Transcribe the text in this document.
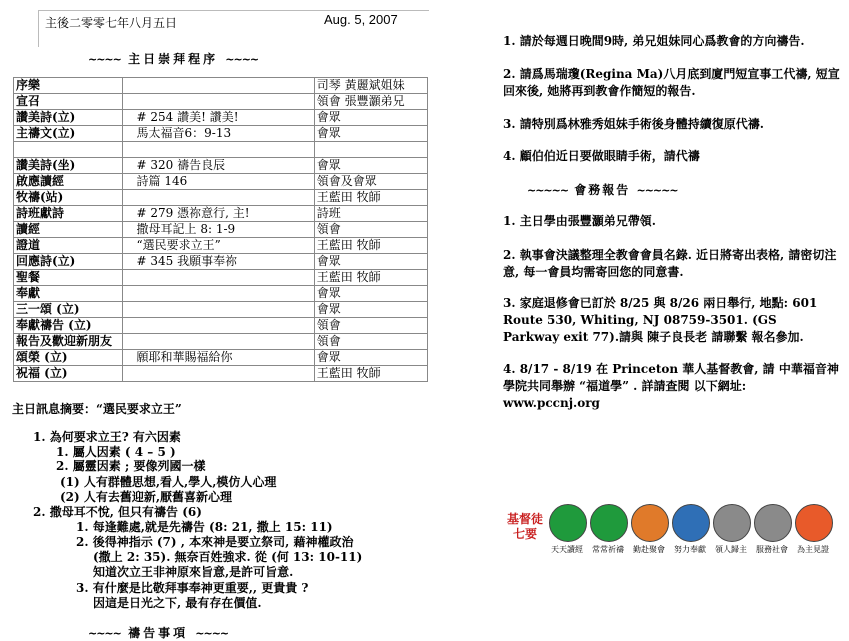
主後二零零七年八月五日	Aug. 5, 2007
~~~~ 主日崇拜程序 ~~~~
序樂		司琴 黃麗斌姐妹
宣召		領會 張豐灝弟兄
讚美詩(立)	# 254 讚美! 讚美!	會眾
主禱文(立)	馬太福音6：9-13	會眾

讚美詩(坐)	# 320 禱告良辰	會眾
啟應讀經	詩篇 146	領會及會眾
牧禱(站)		王藍田 牧師
詩班獻詩	# 279 憑祢意行, 主!	詩班
讀經	撒母耳記上 8: 1-9	領會
證道	“選民要求立王”	王藍田 牧師
回應詩(立)	# 345 我願事奉祢	會眾
聖餐		王藍田 牧師
奉獻		會眾
三一頌 (立)		會眾
奉獻禱告 (立)		領會
報告及歡迎新朋友		領會
頌榮 (立)	願耶和華賜福給你	會眾
祝福 (立)		王藍田 牧師
主日訊息摘要：“選民要求立王”
1. 為何要求立王? 有六因素
1. 屬人因素 ( 4 – 5 )
2. 屬靈因素 ; 要像列國一樣
(1) 人有群體思想,看人,學人,模仿人心理
(2) 人有去舊迎新,厭舊喜新心理
2. 撒母耳不悅, 但只有禱告 (6)
1. 每逢難處,就是先禱告 (8: 21, 撒上 15: 11)
2. 後得神指示 (7) , 本來神是要立祭司, 藉神權政治
(撒上 2: 35). 無奈百姓強求. 從 (何 13: 10-11)
知道次立王非神原來旨意,是許可旨意.
3. 有什麼是比敬拜事奉神更重要,, 更貴貴 ?
因這是日光之下, 最有存在價值.
~~~~ 禱告事項 ~~~~
1. 請於每週日晚間9時, 弟兄姐妹同心爲教會的方向禱告.
2. 請爲馬瑞瓊(Regina Ma)八月底到廈門短宣事工代禱, 短宣回來後, 她將再到教會作簡短的報告.
3. 請特別爲林雅秀姐妹手術後身體持續復原代禱.
4. 顧伯伯近日要做眼睛手術，請代禱
~~~~~ 會務報告 ~~~~~
1. 主日學由張豐灝弟兄帶領.
2. 執事會決議整理全教會會員名錄. 近日將寄出表格, 請密切注意, 每一會員均需寄回您的同意書.
3. 家庭退修會已訂於 8/25 與 8/26 兩日舉行, 地點: 601 Route 530, Whiting, NJ 08759-3501. (GS Parkway exit 77).請與 陳子良長老 請聯繫 報名參加.
4. 8/17 - 8/19 在 Princeton 華人基督教會, 請 中華福音神學院共同舉辦 “福道學” . 詳請查閱 以下網址: www.pccnj.org
基督徒七要
天天讀經	常常祈禱	勤赴聚會	努力奉獻	領人歸主	服務社會	為主見證
